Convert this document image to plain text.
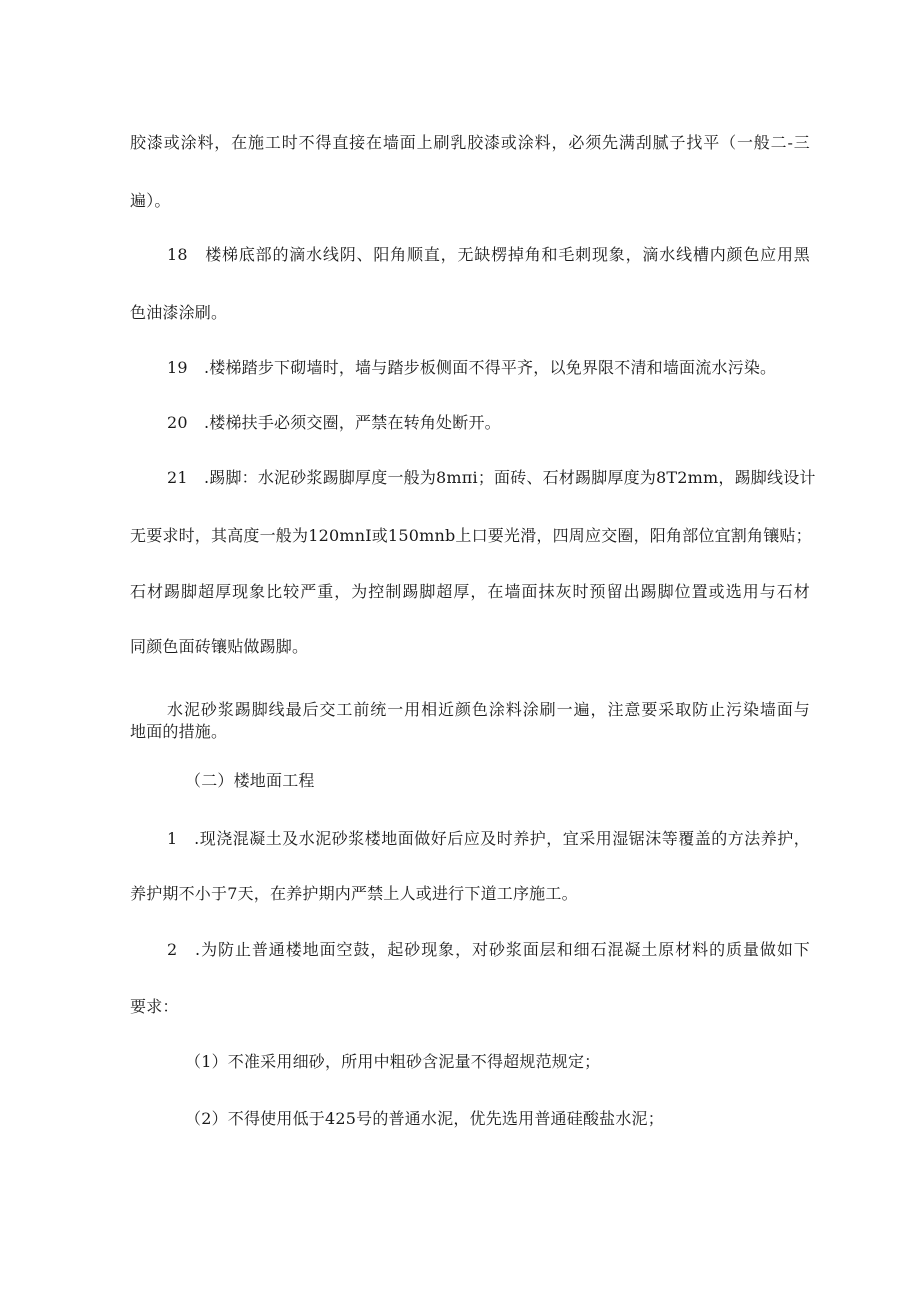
胶漆或涂料，在施工时不得直接在墙面上刷乳胶漆或涂料，必须先满刮腻子找平（一般二-三

遍）。

18　楼梯底部的滴水线阴、阳角顺直，无缺楞掉角和毛刺现象，滴水线槽内颜色应用黑

色油漆涂刷。

19　.楼梯踏步下砌墙时，墙与踏步板侧面不得平齐，以免界限不清和墙面流水污染。

20　.楼梯扶手必须交圈，严禁在转角处断开。

21　.踢脚：水泥砂浆踢脚厚度一般为8mπi；面砖、石材踢脚厚度为8T2mm，踢脚线设计

无要求时，其高度一般为120mnI或150mnb上口要光滑，四周应交圈，阳角部位宜割角镶贴；

石材踢脚超厚现象比较严重，为控制踢脚超厚，在墙面抹灰时预留出踢脚位置或选用与石材

同颜色面砖镶贴做踢脚。

水泥砂浆踢脚线最后交工前统一用相近颜色涂料涂刷一遍，注意要采取防止污染墙面与

地面的措施。

（二）楼地面工程

1　.现浇混凝土及水泥砂浆楼地面做好后应及时养护，宜采用湿锯沫等覆盖的方法养护，

养护期不小于7天，在养护期内严禁上人或进行下道工序施工。

2　.为防止普通楼地面空鼓，起砂现象，对砂浆面层和细石混凝土原材料的质量做如下

要求：

（1）不准采用细砂，所用中粗砂含泥量不得超规范规定；

（2）不得使用低于425号的普通水泥，优先选用普通硅酸盐水泥；
